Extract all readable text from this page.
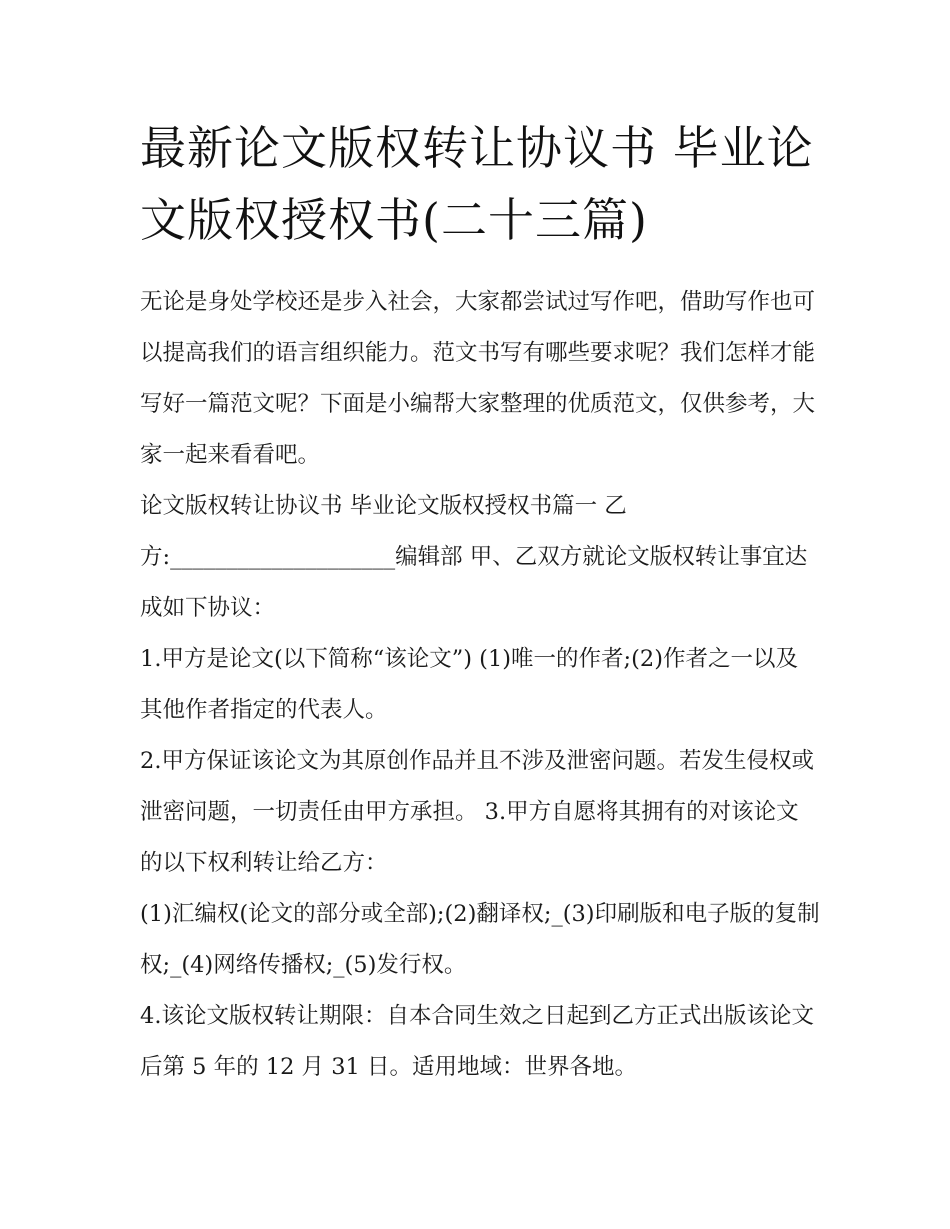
最新论文版权转让协议书 毕业论文版权授权书(二十三篇)

无论是身处学校还是步入社会，大家都尝试过写作吧，借助写作也可以提高我们的语言组织能力。范文书写有哪些要求呢？我们怎样才能写好一篇范文呢？下面是小编帮大家整理的优质范文，仅供参考，大家一起来看看吧。

论文版权转让协议书 毕业论文版权授权书篇一 乙

方:____________________编辑部 甲、乙双方就论文版权转让事宜达成如下协议：

1.甲方是论文(以下简称“该论文”) (1)唯一的作者;(2)作者之一以及其他作者指定的代表人。

2.甲方保证该论文为其原创作品并且不涉及泄密问题。若发生侵权或泄密问题，一切责任由甲方承担。 3.甲方自愿将其拥有的对该论文的以下权利转让给乙方：

(1)汇编权(论文的部分或全部);(2)翻译权;_(3)印刷版和电子版的复制权;_(4)网络传播权;_(5)发行权。

4.该论文版权转让期限：自本合同生效之日起到乙方正式出版该论文后第 5 年的 12 月 31 日。适用地域：世界各地。
